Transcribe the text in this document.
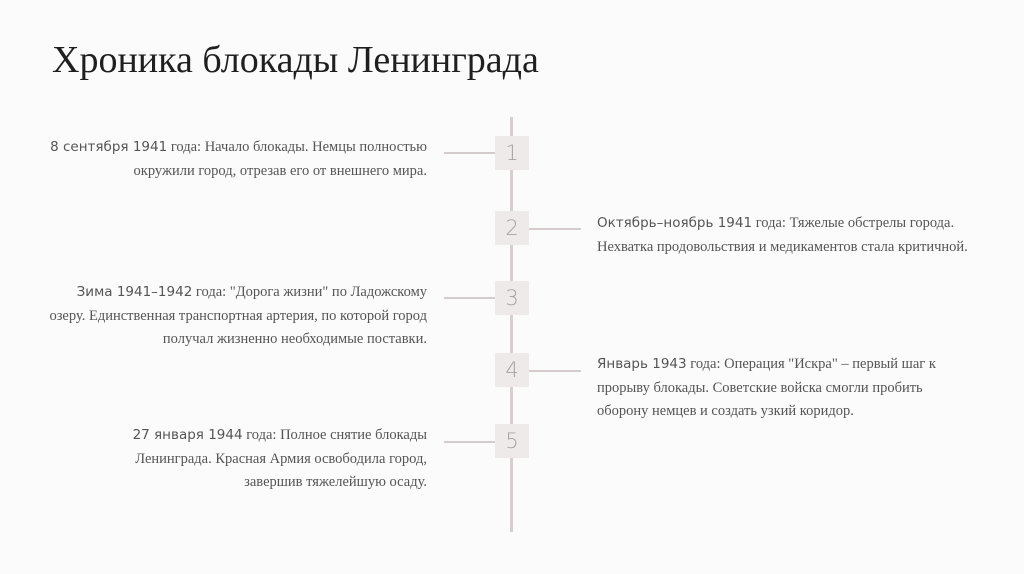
Хроника блокады Ленинграда
1

8 сентября 1941 года: Начало блокады. Немцы полностью окружили город, отрезав его от внешнего мира.

2	Октябрь–ноябрь 1941 года: Тяжелые обстрелы города. Нехватка продовольствия и медикаментов стала критичной.

3

Зима 1941–1942 года: "Дорога жизни" по Ладожскому озеру. Единственная транспортная артерия, по которой город получал жизненно необходимые поставки.

4	Январь 1943 года: Операция "Искра" – первый шаг к прорыву блокады. Советские войска смогли пробить оборону немцев и создать узкий коридор.

5

27 января 1944 года: Полное снятие блокады Ленинграда. Красная Армия освободила город, завершив тяжелейшую осаду.
